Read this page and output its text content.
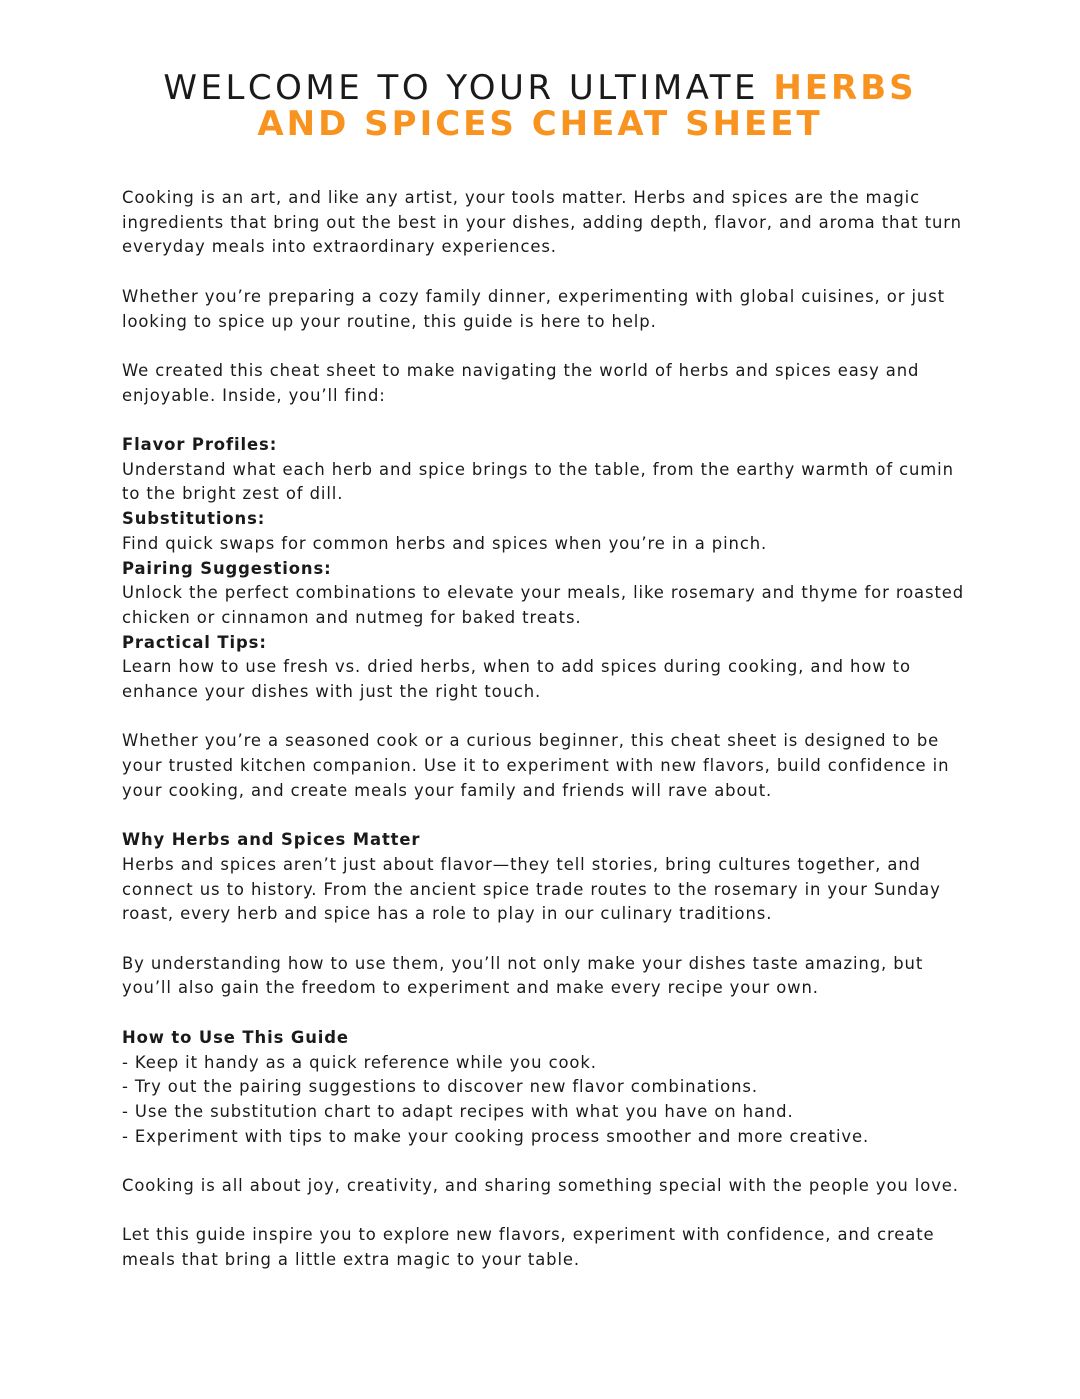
WELCOME TO YOUR ULTIMATE HERBS
AND SPICES CHEAT SHEET

Cooking is an art, and like any artist, your tools matter. Herbs and spices are the magic ingredients that bring out the best in your dishes, adding depth, flavor, and aroma that turn everyday meals into extraordinary experiences.

Whether you’re preparing a cozy family dinner, experimenting with global cuisines, or just looking to spice up your routine, this guide is here to help.

We created this cheat sheet to make navigating the world of herbs and spices easy and enjoyable. Inside, you’ll find:

Flavor Profiles:

Understand what each herb and spice brings to the table, from the earthy warmth of cumin to the bright zest of dill.

Substitutions:

Find quick swaps for common herbs and spices when you’re in a pinch.

Pairing Suggestions:

Unlock the perfect combinations to elevate your meals, like rosemary and thyme for roasted chicken or cinnamon and nutmeg for baked treats.

Practical Tips:

Learn how to use fresh vs. dried herbs, when to add spices during cooking, and how to enhance your dishes with just the right touch.

Whether you’re a seasoned cook or a curious beginner, this cheat sheet is designed to be your trusted kitchen companion. Use it to experiment with new flavors, build confidence in your cooking, and create meals your family and friends will rave about.

Why Herbs and Spices Matter

Herbs and spices aren’t just about flavor—they tell stories, bring cultures together, and connect us to history. From the ancient spice trade routes to the rosemary in your Sunday roast, every herb and spice has a role to play in our culinary traditions.

By understanding how to use them, you’ll not only make your dishes taste amazing, but you’ll also gain the freedom to experiment and make every recipe your own.

How to Use This Guide

- Keep it handy as a quick reference while you cook.

- Try out the pairing suggestions to discover new flavor combinations.

- Use the substitution chart to adapt recipes with what you have on hand.

- Experiment with tips to make your cooking process smoother and more creative.

Cooking is all about joy, creativity, and sharing something special with the people you love.

Let this guide inspire you to explore new flavors, experiment with confidence, and create meals that bring a little extra magic to your table.
